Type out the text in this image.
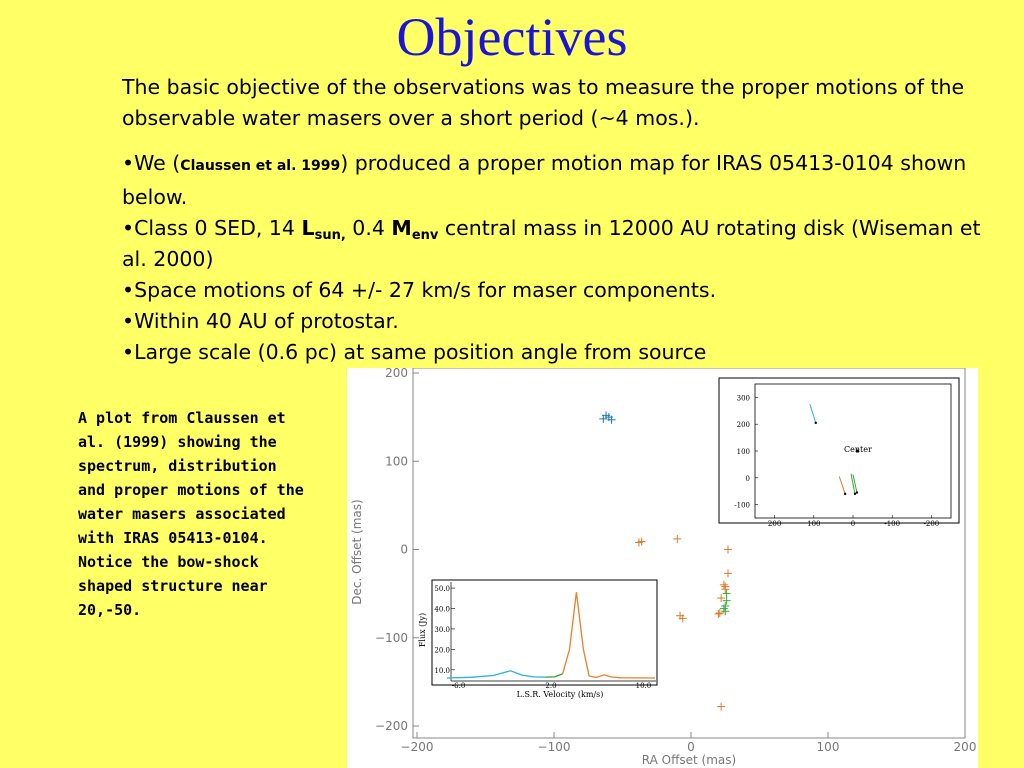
Objectives
The basic objective of the observations was to measure the proper motions of the observable water masers over a short period (~4 mos.).

•We (Claussen et al. 1999) produced a proper motion map for IRAS 05413-0104 shown below.

•Class 0 SED, 14 $L_{sun,}$ 0.4 $M_{env}$ central mass in 12000 AU rotating disk (Wiseman et al. 2000)

•Space motions of 64 +/- 27 km/s for maser components.

•Within 40 AU of protostar.

•Large scale (0.6 pc) at same position angle from source

A plot from Claussen et al. (1999) showing the spectrum, distribution and proper motions of the water masers associated with IRAS 05413-0104. Notice the bow-shock shaped structure near 20,-50.
−200	−100	0	100	200
200
100
0
−100
−200
Dec. Offset (mas)
RA Offset (mas)
50.0
40.0
30.0
20.0
10.0
-6.0	2.0	10.0
Flux (Jy)
L.S.R. Velocity (km/s)
300
200
100
0
-100
200	100	0	-100	-200
Center
